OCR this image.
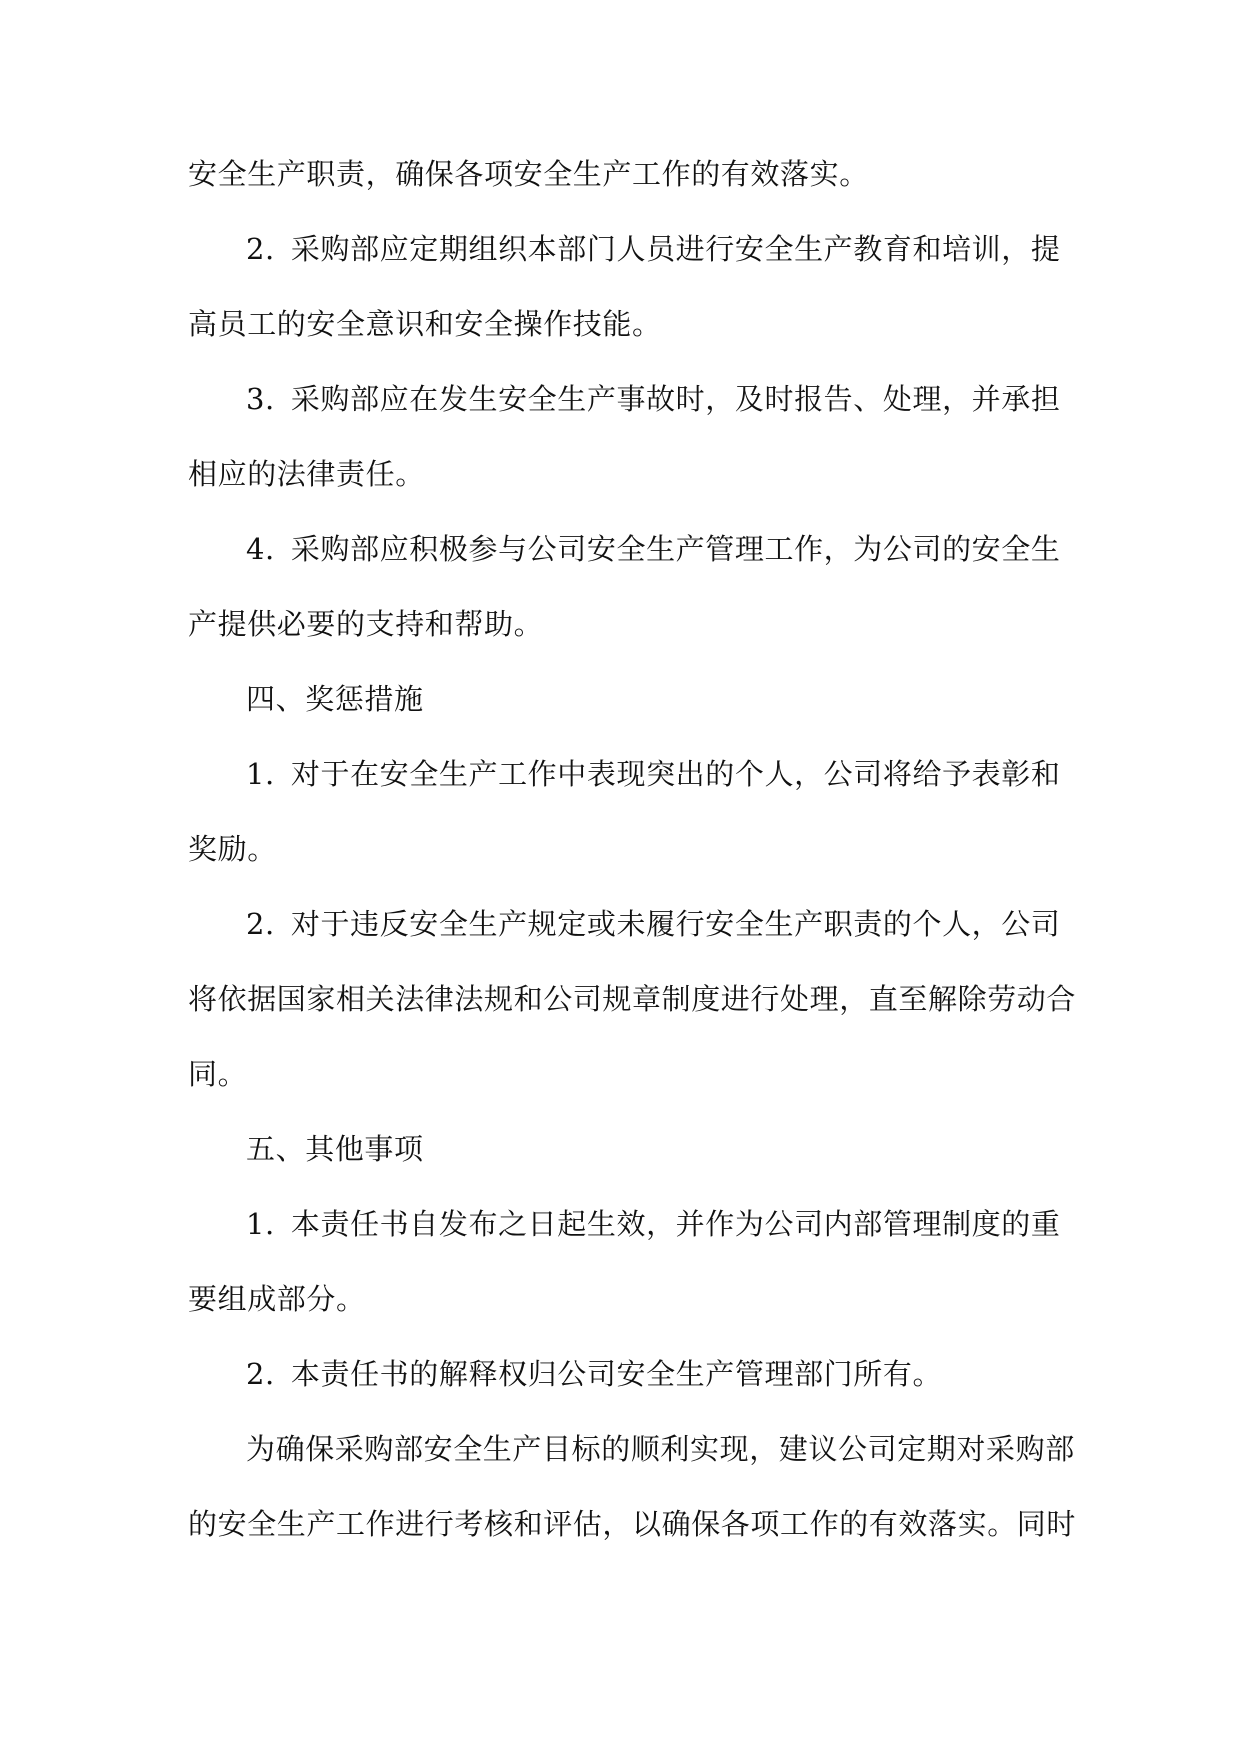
安全生产职责，确保各项安全生产工作的有效落实。
2. 采购部应定期组织本部门人员进行安全生产教育和培训，提
高员工的安全意识和安全操作技能。
3. 采购部应在发生安全生产事故时，及时报告、处理，并承担
相应的法律责任。
4. 采购部应积极参与公司安全生产管理工作，为公司的安全生
产提供必要的支持和帮助。
四、奖惩措施
1. 对于在安全生产工作中表现突出的个人，公司将给予表彰和
奖励。
2. 对于违反安全生产规定或未履行安全生产职责的个人，公司
将依据国家相关法律法规和公司规章制度进行处理，直至解除劳动合
同。
五、其他事项
1. 本责任书自发布之日起生效，并作为公司内部管理制度的重
要组成部分。
2. 本责任书的解释权归公司安全生产管理部门所有。
为确保采购部安全生产目标的顺利实现，建议公司定期对采购部
的安全生产工作进行考核和评估，以确保各项工作的有效落实。同时
